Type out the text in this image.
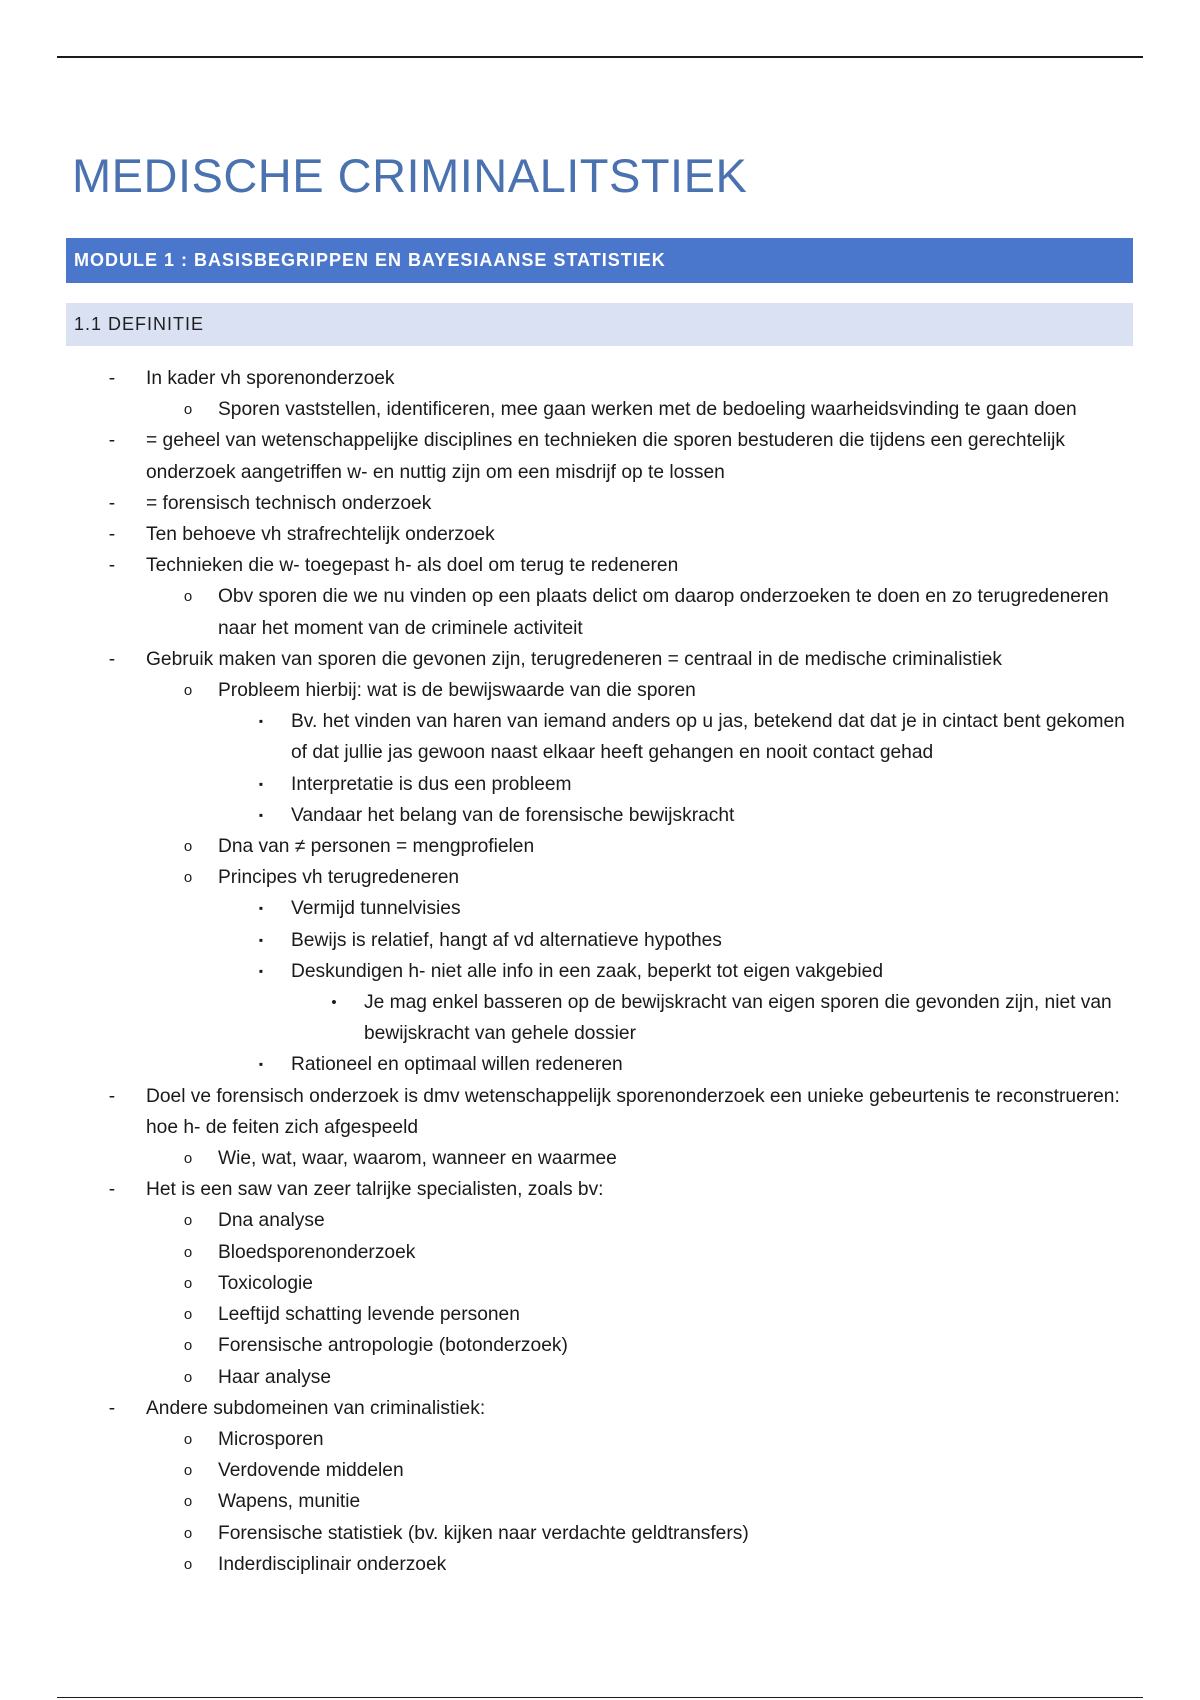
MEDISCHE CRIMINALITSTIEK
MODULE 1 : BASISBEGRIPPEN EN BAYESIAANSE STATISTIEK
1.1 DEFINITIE

-	In kader vh sporenonderzoek

o	Sporen vaststellen, identificeren, mee gaan werken met de bedoeling waarheidsvinding te gaan doen

-	= geheel van wetenschappelijke disciplines en technieken die sporen bestuderen die tijdens een gerechtelijk onderzoek aangetriffen w- en nuttig zijn om een misdrijf op te lossen

-	= forensisch technisch onderzoek

-	Ten behoeve vh strafrechtelijk onderzoek

-	Technieken die w- toegepast h- als doel om terug te redeneren

o	Obv sporen die we nu vinden op een plaats delict om daarop onderzoeken te doen en zo terugredeneren naar het moment van de criminele activiteit

-	Gebruik maken van sporen die gevonen zijn, terugredeneren = centraal in de medische criminalistiek

o	Probleem hierbij: wat is de bewijswaarde van die sporen

▪	Bv. het vinden van haren van iemand anders op u jas, betekend dat dat je in cintact bent gekomen of dat jullie jas gewoon naast elkaar heeft gehangen en nooit contact gehad

▪	Interpretatie is dus een probleem

▪	Vandaar het belang van de forensische bewijskracht

o	Dna van ≠ personen = mengprofielen

o	Principes vh terugredeneren

▪	Vermijd tunnelvisies

▪	Bewijs is relatief, hangt af vd alternatieve hypothes

▪	Deskundigen h- niet alle info in een zaak, beperkt tot eigen vakgebied

•	Je mag enkel basseren op de bewijskracht van eigen sporen die gevonden zijn, niet van bewijskracht van gehele dossier

▪	Rationeel en optimaal willen redeneren

-	Doel ve forensisch onderzoek is dmv wetenschappelijk sporenonderzoek een unieke gebeurtenis te reconstrueren: hoe h- de feiten zich afgespeeld

o	Wie, wat, waar, waarom, wanneer en waarmee

-	Het is een saw van zeer talrijke specialisten, zoals bv:

o	Dna analyse

o	Bloedsporenonderzoek

o	Toxicologie

o	Leeftijd schatting levende personen

o	Forensische antropologie (botonderzoek)

o	Haar analyse

-	Andere subdomeinen van criminalistiek:

o	Microsporen

o	Verdovende middelen

o	Wapens, munitie

o	Forensische statistiek (bv. kijken naar verdachte geldtransfers)

o	Inderdisciplinair onderzoek
